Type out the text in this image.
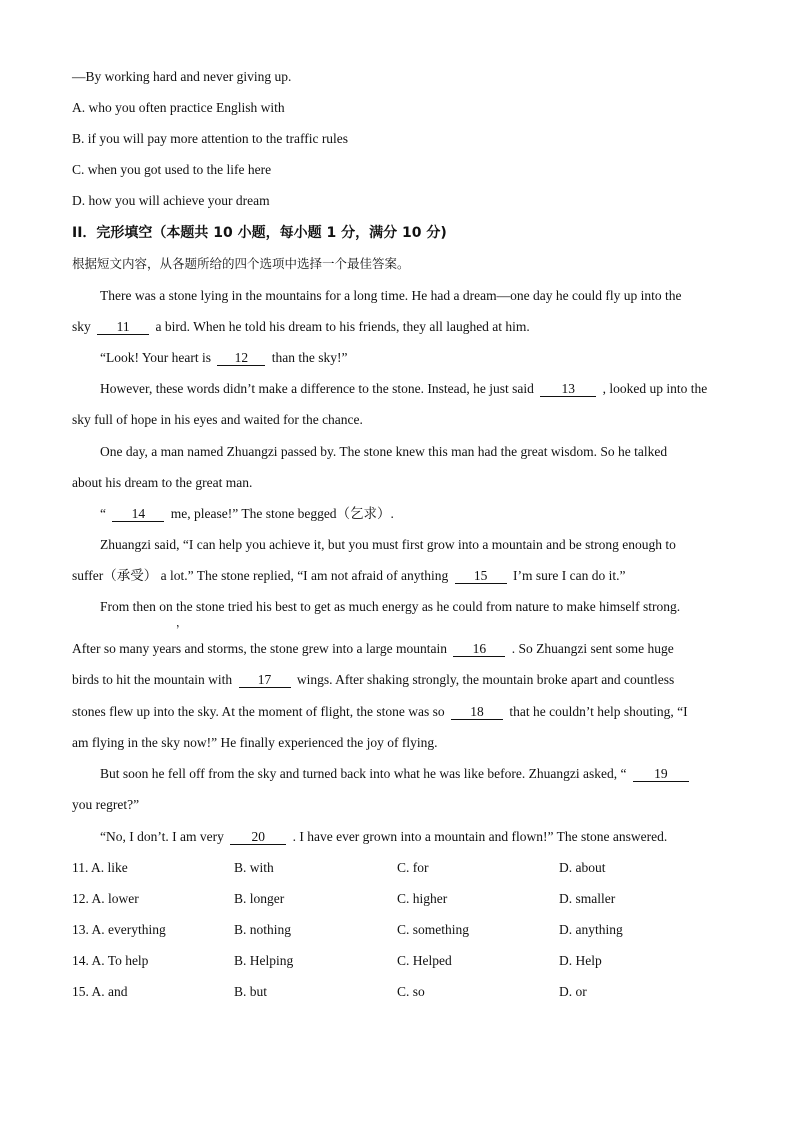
—By working hard and never giving up.
A. who you often practice English with
B. if you will pay more attention to the traffic rules
C. when you got used to the life here
D. how you will achieve your dream
II．完形填空（本题共 10 小题，每小题 1 分，满分 10 分)
根据短文内容，从各题所给的四个选项中选择一个最佳答案。
There was a stone lying in the mountains for a long time. He had a dream—one day he could fly up into the
sky 11 a bird. When he told his dream to his friends, they all laughed at him.
“Look! Your heart is 12 than the sky!”
However, these words didn’t make a difference to the stone. Instead, he just said 13 , looked up into the
sky full of hope in his eyes and waited for the chance.
One day, a man named Zhuangzi passed by. The stone knew this man had the great wisdom. So he talked
about his dream to the great man.
“ 14 me, please!” The stone begged（乞求）.
Zhuangzi said, “I can help you achieve it, but you must first grow into a mountain and be strong enough to
suffer（承受） a lot.” The stone replied, “I am not afraid of anything 15 I’m sure I can do it.”
From then on the stone tried his best to get as much energy as he could from nature to make himself strong.
，
After so many years and storms, the stone grew into a large mountain 16 . So Zhuangzi sent some huge
birds to hit the mountain with 17 wings. After shaking strongly, the mountain broke apart and countless
stones flew up into the sky. At the moment of flight, the stone was so 18 that he couldn’t help shouting, “I
am flying in the sky now!” He finally experienced the joy of flying.
But soon he fell off from the sky and turned back into what he was like before. Zhuangzi asked, “ 19
you regret?”
“No, I don’t. I am very 20 . I have ever grown into a mountain and flown!” The stone answered.
11. A. like	B. with	C. for	D. about
12. A. lower	B. longer	C. higher	D. smaller
13. A. everything	B. nothing	C. something	D. anything
14. A. To help	B. Helping	C. Helped	D. Help
15. A. and	B. but	C. so	D. or
